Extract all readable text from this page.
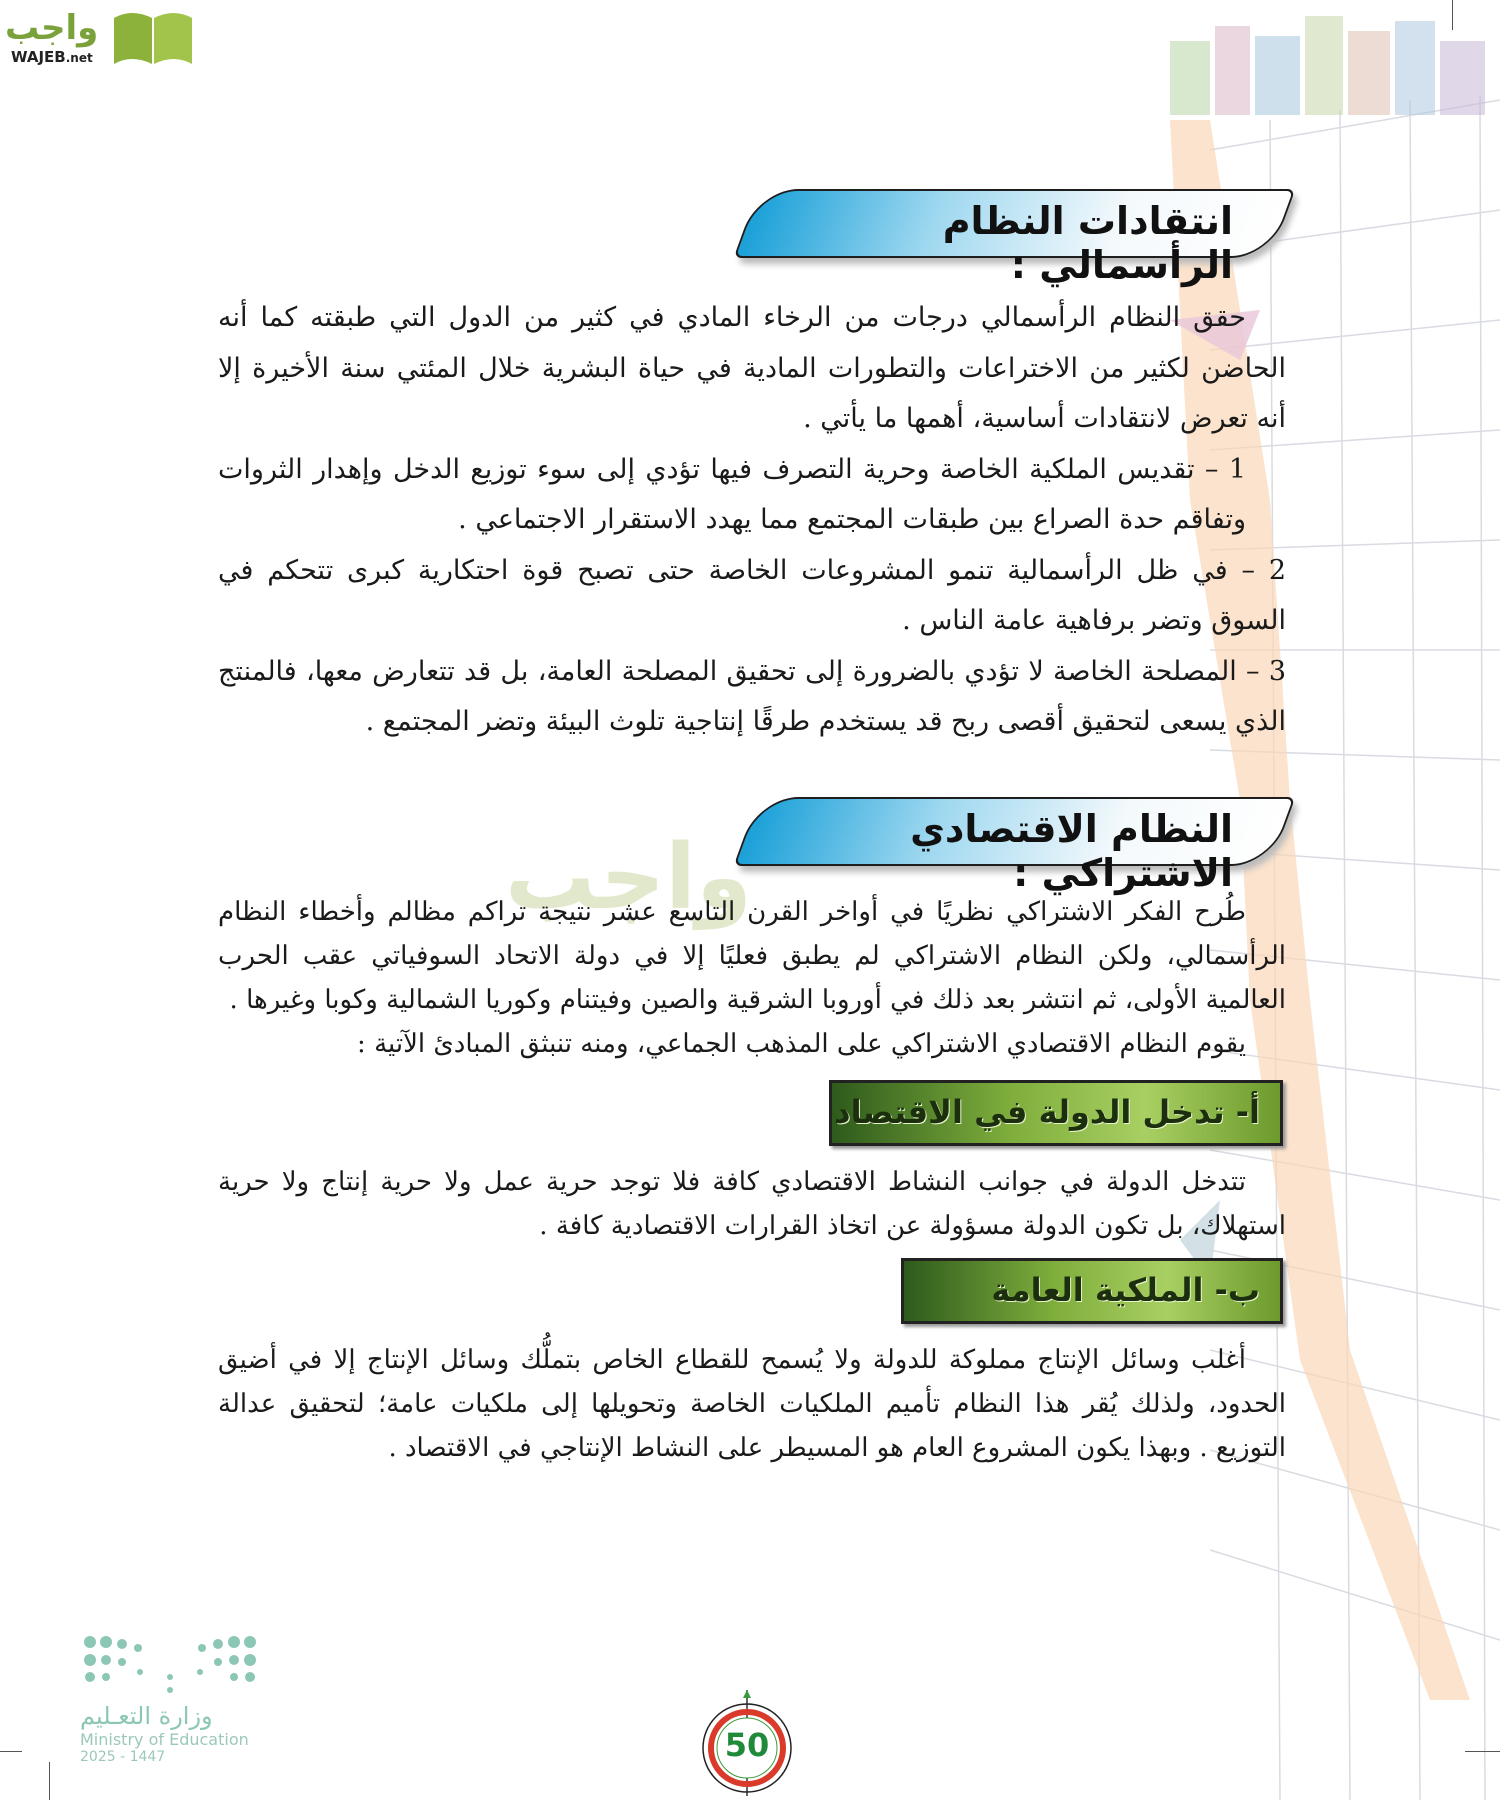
واجب
WAJEB.net
انتقادات النظام الرأسمالي :

حقق النظام الرأسمالي درجات من الرخاء المادي في كثير من الدول التي طبقته كما أنه الحاضن لكثير من الاختراعات والتطورات المادية في حياة البشرية خلال المئتي سنة الأخيرة إلا أنه تعرض لانتقادات أساسية، أهمها ما يأتي .

1 – تقديس الملكية الخاصة وحرية التصرف فيها تؤدي إلى سوء توزيع الدخل وإهدار الثروات وتفاقم حدة الصراع بين طبقات المجتمع مما يهدد الاستقرار الاجتماعي .

2 – في ظل الرأسمالية تنمو المشروعات الخاصة حتى تصبح قوة احتكارية كبرى تتحكم في السوق وتضر برفاهية عامة الناس .

3 – المصلحة الخاصة لا تؤدي بالضرورة إلى تحقيق المصلحة العامة، بل قد تتعارض معها، فالمنتج الذي يسعى لتحقيق أقصى ربح قد يستخدم طرقًا إنتاجية تلوث البيئة وتضر المجتمع .

النظام الاقتصادي الاشتراكي :
واجب

طُرح الفكر الاشتراكي نظريًا في أواخر القرن التاسع عشر نتيجة تراكم مظالم وأخطاء النظام الرأسمالي، ولكن النظام الاشتراكي لم يطبق فعليًا إلا في دولة الاتحاد السوفياتي عقب الحرب العالمية الأولى، ثم انتشر بعد ذلك في أوروبا الشرقية والصين وفيتنام وكوريا الشمالية وكوبا وغيرها .

يقوم النظام الاقتصادي الاشتراكي على المذهب الجماعي، ومنه تنبثق المبادئ الآتية :

أ- تدخل الدولة في الاقتصاد

تتدخل الدولة في جوانب النشاط الاقتصادي كافة فلا توجد حرية عمل ولا حرية إنتاج ولا حرية استهلاك، بل تكون الدولة مسؤولة عن اتخاذ القرارات الاقتصادية كافة .

ب- الملكية العامة

أغلب وسائل الإنتاج مملوكة للدولة ولا يُسمح للقطاع الخاص بتملُّك وسائل الإنتاج إلا في أضيق الحدود، ولذلك يُقر هذا النظام تأميم الملكيات الخاصة وتحويلها إلى ملكيات عامة؛ لتحقيق عدالة التوزيع . وبهذا يكون المشروع العام هو المسيطر على النشاط الإنتاجي في الاقتصاد .

وزارة التعـليم
Ministry of Education
2025 - 1447	50
